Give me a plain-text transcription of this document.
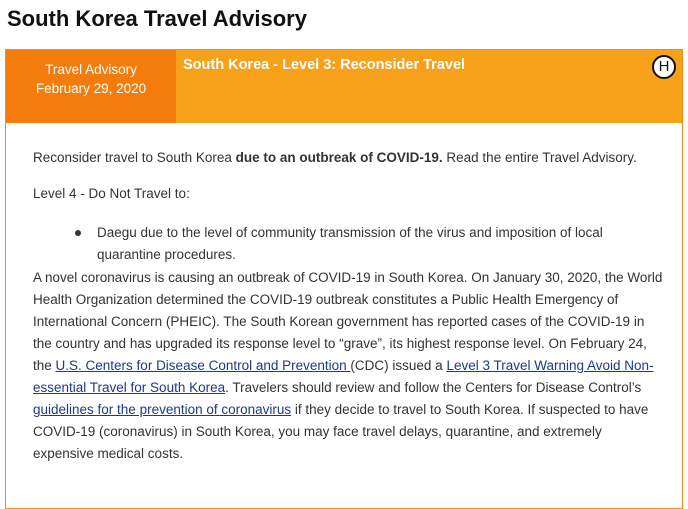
South Korea Travel Advisory
Travel Advisory
February 29, 2020
South Korea - Level 3: Reconsider Travel	H

Reconsider travel to South Korea due to an outbreak of COVID-19. Read the entire Travel Advisory.

Level 4 - Do Not Travel to:

Daegu due to the level of community transmission of the virus and imposition of local quarantine procedures.

A novel coronavirus is causing an outbreak of COVID-19 in South Korea. On January 30, 2020, the World Health Organization determined the COVID-19 outbreak constitutes a Public Health Emergency of International Concern (PHEIC). The South Korean government has reported cases of the COVID-19 in the country and has upgraded its response level to “grave”, its highest response level. On February 24, the U.S. Centers for Disease Control and Prevention (CDC) issued a Level 3 Travel Warning Avoid Non-essential Travel for South Korea. Travelers should review and follow the Centers for Disease Control’s guidelines for the prevention of coronavirus if they decide to travel to South Korea. If suspected to have COVID-19 (coronavirus) in South Korea, you may face travel delays, quarantine, and extremely expensive medical costs.
